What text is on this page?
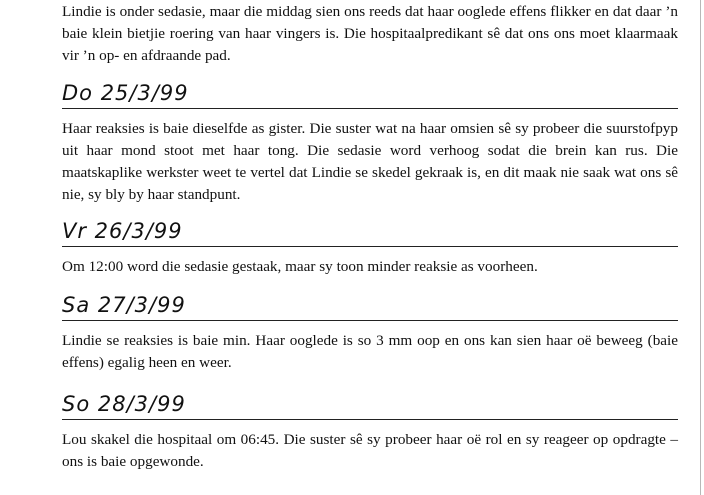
Lindie is onder sedasie, maar die middag sien ons reeds dat haar ooglede effens flikker en dat daar ’n baie klein bietjie roering van haar vingers is. Die hospitaalpredikant sê dat ons ons moet klaarmaak vir ’n op- en afdraande pad.

Do 25/3/99

Haar reaksies is baie dieselfde as gister. Die suster wat na haar omsien sê sy probeer die suurstofpyp uit haar mond stoot met haar tong. Die sedasie word verhoog sodat die brein kan rus. Die maatskaplike werkster weet te vertel dat Lindie se skedel gekraak is, en dit maak nie saak wat ons sê nie, sy bly by haar standpunt.

Vr 26/3/99

Om 12:00 word die sedasie gestaak, maar sy toon minder reaksie as voorheen.

Sa 27/3/99

Lindie se reaksies is baie min. Haar ooglede is so 3 mm oop en ons kan sien haar oë beweeg (baie effens) egalig heen en weer.

So 28/3/99

Lou skakel die hospitaal om 06:45. Die suster sê sy probeer haar oë rol en sy reageer op opdragte – ons is baie opgewonde.
